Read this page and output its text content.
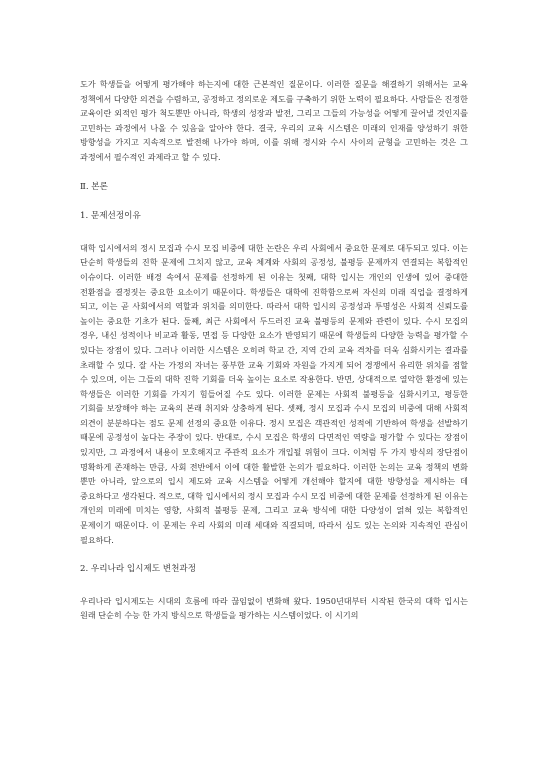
도가 학생들을 어떻게 평가해야 하는지에 대한 근본적인 질문이다. 이러한 질문을 해결하기 위해서는 교육 정책에서 다양한 의견을 수렴하고, 공정하고 정의로운 제도를 구축하기 위한 노력이 필요하다. 사람들은 진정한 교육이란 외적인 평가 척도뿐만 아니라, 학생의 성장과 발전, 그리고 그들의 가능성을 어떻게 끌어낼 것인지를 고민하는 과정에서 나올 수 있음을 알아야 한다. 결국, 우리의 교육 시스템은 미래의 인재를 양성하기 위한 방향성을 가지고 지속적으로 발전해 나가야 하며, 이를 위해 정시와 수시 사이의 균형을 고민하는 것은 그 과정에서 필수적인 과제라고 할 수 있다.

Ⅱ. 본론

1. 문제선정이유

대학 입시에서의 정시 모집과 수시 모집 비중에 대한 논란은 우리 사회에서 중요한 문제로 대두되고 있다. 이는 단순히 학생들의 진학 문제에 그치지 않고, 교육 체계와 사회의 공정성, 불평등 문제까지 연결되는 복합적인 이슈이다. 이러한 배경 속에서 문제를 선정하게 된 이유는 첫째, 대학 입시는 개인의 인생에 있어 중대한 전환점을 결정짓는 중요한 요소이기 때문이다. 학생들은 대학에 진학함으로써 자신의 미래 직업을 결정하게 되고, 이는 곧 사회에서의 역할과 위치를 의미한다. 따라서 대학 입시의 공정성과 투명성은 사회적 신뢰도를 높이는 중요한 기초가 된다. 둘째, 최근 사회에서 두드러진 교육 불평등의 문제와 관련이 있다. 수시 모집의 경우, 내신 성적이나 비교과 활동, 면접 등 다양한 요소가 반영되기 때문에 학생들의 다양한 능력을 평가할 수 있다는 장점이 있다. 그러나 이러한 시스템은 오히려 학교 간, 지역 간의 교육 격차를 더욱 심화시키는 결과를 초래할 수 있다. 잘 사는 가정의 자녀는 풍부한 교육 기회와 자원을 가지게 되어 경쟁에서 유리한 위치를 점할 수 있으며, 이는 그들의 대학 진학 기회를 더욱 높이는 요소로 작용한다. 반면, 상대적으로 열악한 환경에 있는 학생들은 이러한 기회를 가지기 힘들어질 수도 있다. 이러한 문제는 사회적 불평등을 심화시키고, 평등한 기회를 보장해야 하는 교육의 본래 취지와 상충하게 된다. 셋째, 정시 모집과 수시 모집의 비중에 대해 사회적 의견이 분분하다는 점도 문제 선정의 중요한 이유다. 정시 모집은 객관적인 성적에 기반하여 학생을 선발하기 때문에 공정성이 높다는 주장이 있다. 반대로, 수시 모집은 학생의 다면적인 역량을 평가할 수 있다는 장점이 있지만, 그 과정에서 내용이 모호해지고 주관적 요소가 개입될 위험이 크다. 이처럼 두 가지 방식의 장단점이 명확하게 존재하는 만큼, 사회 전반에서 이에 대한 활발한 논의가 필요하다. 이러한 논의는 교육 정책의 변화 뿐만 아니라, 앞으로의 입시 제도와 교육 시스템을 어떻게 개선해야 할지에 대한 방향성을 제시하는 데 중요하다고 생각된다. 적으로, 대학 입시에서의 정시 모집과 수시 모집 비중에 대한 문제를 선정하게 된 이유는 개인의 미래에 미치는 영향, 사회적 불평등 문제, 그리고 교육 방식에 대한 다양성이 얽혀 있는 복합적인 문제이기 때문이다. 이 문제는 우리 사회의 미래 세대와 직결되며, 따라서 심도 있는 논의와 지속적인 관심이 필요하다.

2. 우리나라 입시제도 변천과정

우리나라 입시제도는 시대의 흐름에 따라 끊임없이 변화해 왔다. 1950년대부터 시작된 한국의 대학 입시는 원래 단순히 수능 한 가지 방식으로 학생들을 평가하는 시스템이었다. 이 시기의
